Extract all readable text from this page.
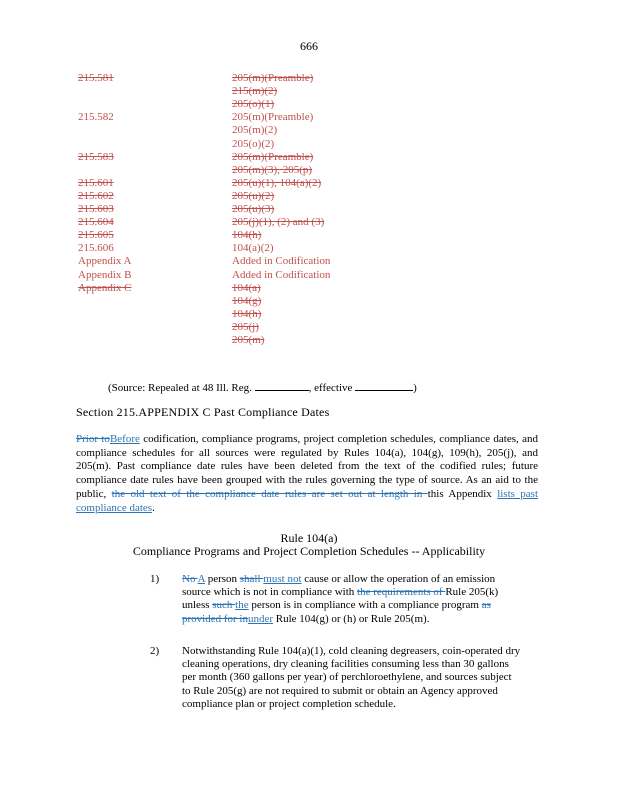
666
215.581	205(m)(Preamble)
215(m)(2)
205(o)(1)
215.582	205(m)(Preamble)
205(m)(2)
205(o)(2)
215.583	205(m)(Preamble)
205(m)(3), 205(p)
215.601	205(u)(1), 104(a)(2)
215.602	205(u)(2)
215.603	205(u)(3)
215.604	205(j)(1), (2) and (3)
215.605	104(h)
215.606	104(a)(2)
Appendix A	Added in Codification
Appendix B	Added in Codification
Appendix C	104(a)
104(g)
104(h)
205(j)
205(m)
(Source: Repealed at 48 Ill. Reg.	, effective	)
Section 215.APPENDIX C Past Compliance Dates
Prior toBefore codification, compliance programs, project completion schedules, compliance dates, and compliance schedules for all sources were regulated by Rules 104(a), 104(g), 109(h), 205(j), and 205(m). Past compliance date rules have been deleted from the text of the codified rules; future compliance date rules have been grouped with the rules governing the type of source. As an aid to the public, the old text of the compliance date rules are set out at length in this Appendix lists past compliance dates.
Rule 104(a)
Compliance Programs and Project Completion Schedules -- Applicability
1) No A person shall must not cause or allow the operation of an emission source which is not in compliance with the requirements of Rule 205(k) unless such the person is in compliance with a compliance program as provided for inunder Rule 104(g) or (h) or Rule 205(m).
2) Notwithstanding Rule 104(a)(1), cold cleaning degreasers, coin-operated dry cleaning operations, dry cleaning facilities consuming less than 30 gallons per month (360 gallons per year) of perchloroethylene, and sources subject to Rule 205(g) are not required to submit or obtain an Agency approved compliance plan or project completion schedule.
